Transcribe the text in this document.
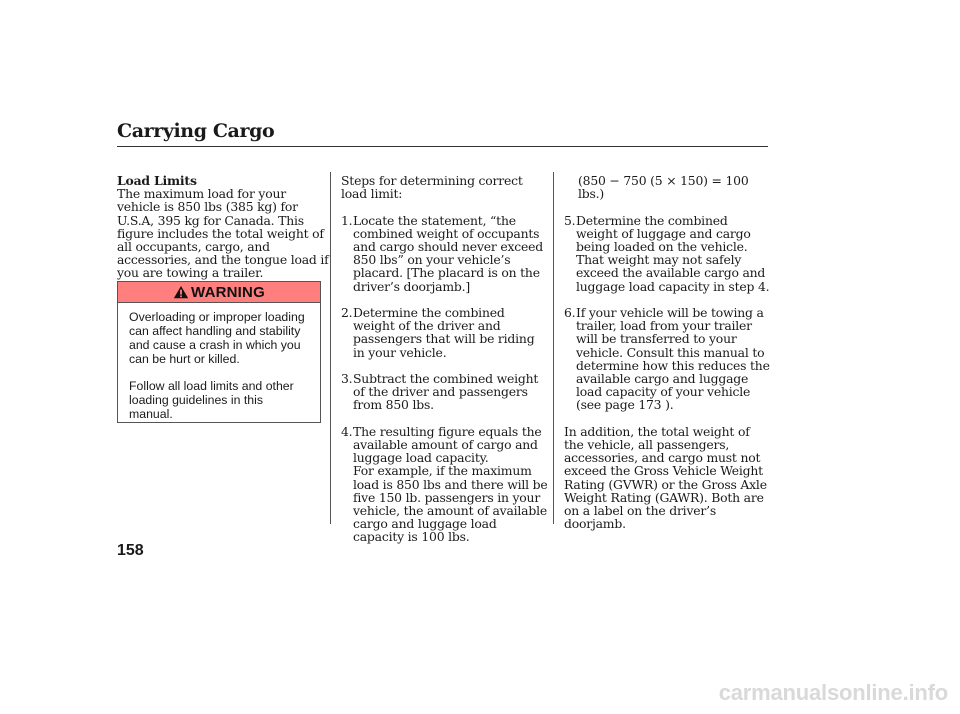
Carrying Cargo

Load Limits

The maximum load for your vehicle is 850 lbs (385 kg) for U.S.A, 395 kg for Canada. This figure includes the total weight of all occupants, cargo, and accessories, and the tongue load if you are towing a trailer.

WARNING

Overloading or improper loading can affect handling and stability and cause a crash in which you can be hurt or killed.

Follow all load limits and other loading guidelines in this manual.

Steps for determining correct load limit:

1. Locate the statement, “the combined weight of occupants and cargo should never exceed 850 lbs” on your vehicle’s placard. [The placard is on the driver’s doorjamb.]

2. Determine the combined weight of the driver and passengers that will be riding in your vehicle.

3. Subtract the combined weight of the driver and passengers from 850 lbs.

4. The resulting figure equals the available amount of cargo and luggage load capacity.

For example, if the maximum load is 850 lbs and there will be five 150 lb. passengers in your vehicle, the amount of available cargo and luggage load capacity is 100 lbs.

(850 − 750 (5 × 150) = 100 lbs.)

5. Determine the combined weight of luggage and cargo being loaded on the vehicle. That weight may not safely exceed the available cargo and luggage load capacity in step 4.

6. If your vehicle will be towing a trailer, load from your trailer will be transferred to your vehicle. Consult this manual to determine how this reduces the available cargo and luggage load capacity of your vehicle (see page 173 ).

In addition, the total weight of the vehicle, all passengers, accessories, and cargo must not exceed the Gross Vehicle Weight Rating (GVWR) or the Gross Axle Weight Rating (GAWR). Both are on a label on the driver’s doorjamb.

158
carmanualsonline.info
